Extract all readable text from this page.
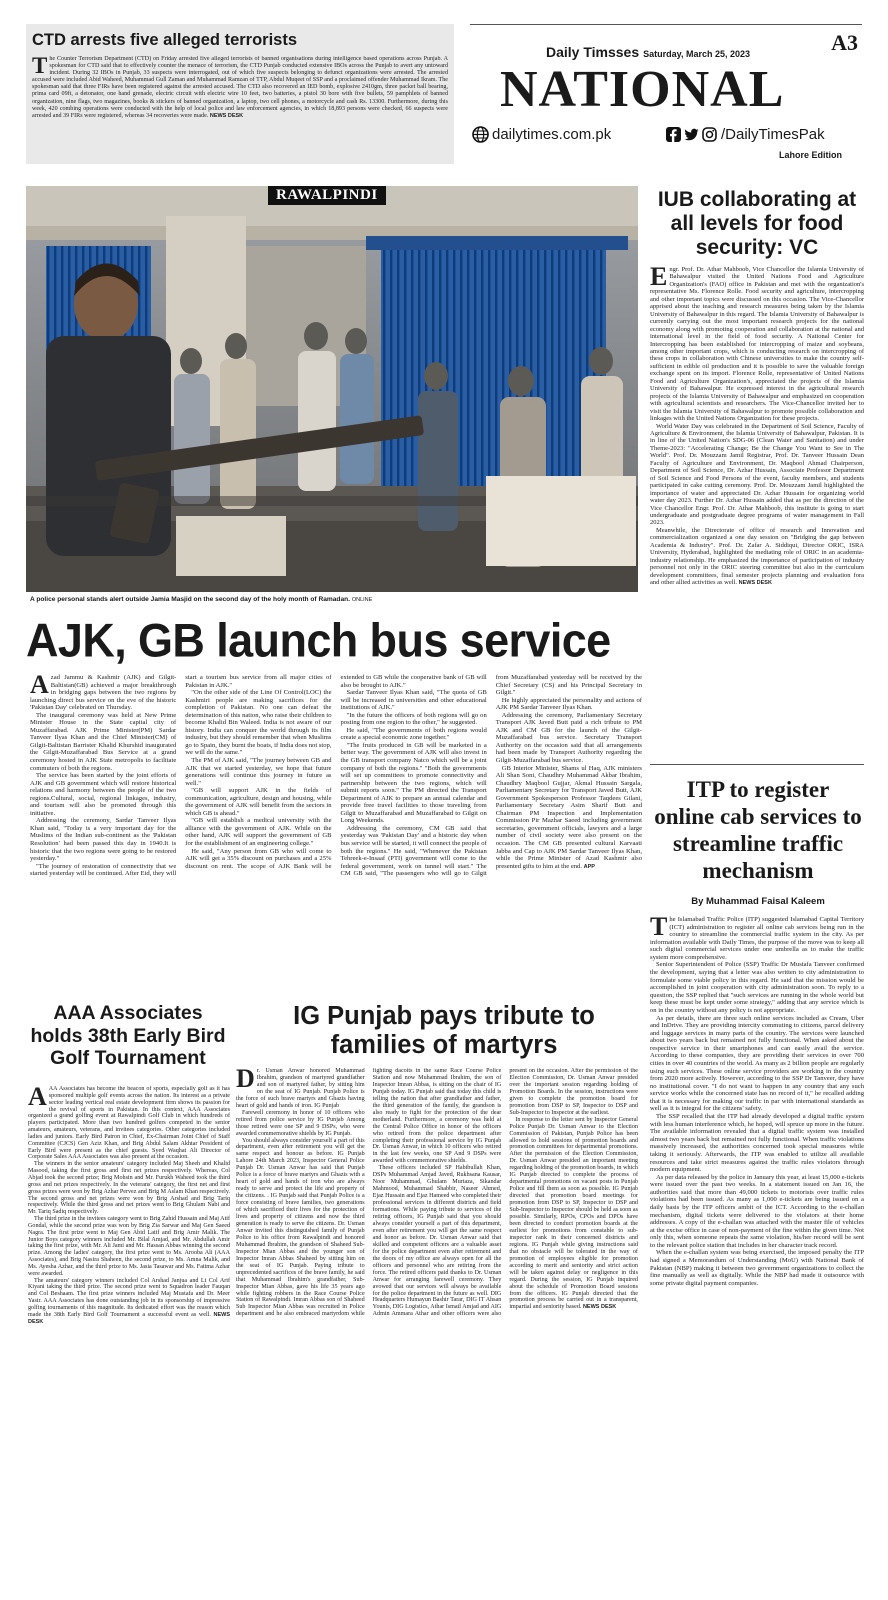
CTD arrests five alleged terrorists
The Counter Terrorism Department (CTD) on Friday arrested five alleged terrorists of banned organisations during intelligence based operations across Punjab. A spokesman for CTD said that to effectively counter the menace of terrorism, the CTD Punjab conducted extensive IBOs across the Punjab to avert any untoward incident. During 32 IBOs in Punjab, 33 suspects were interrogated, out of which five suspects belonging to defunct organizations were arrested. The arrested accused were included Abid Waheed, Muhammad Gull Zaman and Muhammad Ramzan of TTP, Abdul Muqeet of SSP and a proclaimed offender Muhammad Ikram. The spokesman said that three FIRs have been registered against the arrested accused. The CTD also recovered an IED bomb, explosive 2410gm, three packet ball bearing, prima card 09ft, a detonator, one hand grenade, electric circuit with electric wire 10 feet, two batteries, a pistol 30 bore with five bullets, 59 pamphlets of banned organization, nine flags, two magazines, books & stickers of banned organization, a laptop, two cell phones, a motorcycle and cash Rs. 13300. Furthermore, during this week, 420 combing operations were conducted with the help of local police and law enforcement agencies, in which 18,893 persons were checked, 66 suspects were arrested and 39 FIRs were registered, whereas 34 recoveries were made. NEWS DESK
Daily Timsses Saturday, March 25, 2023	A3
NATIONAL
dailytimes.com.pk	/DailyTimesPak
Lahore Edition
RAWALPINDI
A police personal stands alert outside Jamia Masjid on the second day of the holy month of Ramadan. ONLINE
AJK, GB launch bus service

Azad Jammu & Kashmir (AJK) and Gilgit-Baltistan(GB) achieved a major breakthrough in bridging gaps between the two regions by launching direct bus service on the eve of the historic 'Pakistan Day' celebrated on Thursday.

The inaugural ceremony was held at New Prime Minister House in the State capital city of Muzaffarabad. AJK Prime Minister(PM) Sardar Tanveer Ilyas Khan and the Chief Minister(CM) of Gilgit-Baltistan Barrister Khalid Khurshid inaugurated the Gilgit-Muzaffarabad Bus Service at a grand ceremony hosted in AJK State metropolis to facilitate commuters of both the regions.

The service has been started by the joint efforts of AJK and GB government which will restore historical relations and harmony between the people of the two regions.Cultural, social, regional linkages, industry, and tourism will also be promoted through this initiative.

Addressing the ceremony, Sardar Tanveer Ilyas Khan said, "Today is a very important day for the Muslims of the Indian sub-continent as the 'Pakistan Resolution' had been passed this day in 1940.It is historic that the two regions were going to be restored yesterday."

"The journey of restoration of connectivity that we started yesterday will be continued. After Eid, they will start a tourism bus service from all major cities of Pakistan in AJK."

"On the other side of the Line Of Control(LOC) the Kashmiri people are making sacrifices for the completion of Pakistan. No one can defeat the determination of this nation, who raise their children to become Khalid Bin Waleed. India is not aware of our history. India can conquer the world through its film industry, but they should remember that when Muslims go to Spain, they burnt the boats, if India does not stop, we will do the same."

The PM of AJK said, "The journey between GB and AJK that we started yesterday, we hope that future generations will continue this journey in future as well."

"GB will support AJK in the fields of communication, agriculture, design and housing, while the government of AJK will benefit from the sectors in which GB is ahead."

"GB will establish a medical university with the alliance with the government of AJK. While on the other hand, AJK will support the government of GB for the establishment of an engineering college."

He said, "Any person from GB who will come to AJK will get a 35% discount on purchases and a 25% discount on rent. The scope of AJK Bank will be extended to GB while the cooperative bank of GB will also be brought to AJK."

Sardar Tanveer Ilyas Khan said, "The quota of GB will be increased in universities and other educational institutions of AJK."

"In the future the officers of both regions will go on posting from one region to the other," he suggested.

He said, "The governments of both regions would create a special economic zone together."

"The fruits produced in GB will be marketed in a better way. The government of AJK will also invest in the GB transport company Natco which will be a joint company of both the regions." "Both the governments will set up committees to promote connectivity and partnership between the two regions, which will submit reports soon." The PM directed the Transport Department of AJK to prepare an annual calendar and provide free travel facilities to those traveling from Gilgit to Muzaffarabad and Muzaffarabad to Gilgit on Long Weekends.

Addressing the ceremony, CM GB said that yesterday was 'Pakistan Day' and a historic day when bus service will be started, it will connect the people of both the regions." He said, "Whenever the Pakistan Tehreek-e-Insaaf (PTI) government will come to the federal government, work on tunnel will start." The CM GB said, "The passengers who will go to Gilgit from Muzaffarabad yesterday will be received by the Chief Secretary (CS) and his Principal Secretary in Gilgit."

He highly appreciated the personality and actions of AJK PM Sardar Tanveer Ilyas Khan.

Addressing the ceremony, Parliamentary Secretary Transport AJK Javed Butt paid a rich tribute to PM AJK and CM GB for the launch of the Gilgit-Muzaffarabad bus service. Secretary Transport Authority on the occasion said that all arrangements had been made by Transport Authority regarding the Gilgit-Muzaffarabad bus service.

GB Interior Minister, Shams ul Haq, AJK ministers Ali Shan Soni, Chaudhry Muhammad Akbar Ibrahim, Chaudhry Maqbool Gujjar, Akmal Hussain Sargala, Parliamentary Secretary for Transport Javed Butt, AJK Government Spokesperson Professor Taqdees Gilani, Parliamentary Secretary Asim Sharif Butt and Chairman PM Inspection and Implementation Commission Pir Mazhar Saeed including government secretaries, government officials, lawyers and a large number of civil society were also present on the occasion. The CM GB presented cultural Karvaati Jabba and Cap to AJK PM Sardar Tanveer Ilyas Khan, while the Prime Minister of Azad Kashmir also presented gifts to him at the end. APP

IUB collaborating at all levels for food security: VC

Engr. Prof. Dr. Athar Mahboob, Vice Chancellor the Islamia University of Bahawalpur visited the United Nations Food and Agriculture Organization's (FAO) office in Pakistan and met with the organization's representative Ms. Florence Rolle. Food security and agriculture, intercropping and other important topics were discussed on this occasion. The Vice-Chancellor apprised about the teaching and research measures being taken by the Islamia University of Bahawalpur in this regard. The Islamia University of Bahawalpur is currently carrying out the most important research projects for the national economy along with promoting cooperation and collaboration at the national and international level in the field of food security. A National Center for Intercropping has been established for intercropping of maize and soybeans, among other important crops, which is conducting research on intercropping of these crops in collaboration with Chinese universities to make the country self-sufficient in edible oil production and it is possible to save the valuable foreign exchange spent on its import. Florence Rolle, representative of United Nations Food and Agriculture Organization's, appreciated the projects of the Islamia University of Bahawalpur. He expressed interest in the agricultural research projects of the Islamia University of Bahawalpur and emphasized on cooperation with agricultural scientists and researchers. The Vice-Chancellor invited her to visit the Islamia University of Bahawalpur to promote possible collaboration and linkages with the United Nations Organization for these projects.

World Water Day was celebrated in the Department of Soil Science, Faculty of Agriculture & Environment, the Islamia University of Bahawalpur, Pakistan. It is in line of the United Nation's SDG-06 (Clean Water and Sanitation) and under Theme-2023: "Accelerating Change; Be the Change You Want to See in The World". Prof. Dr. Mouzzam Jamil Registrar, Prof. Dr. Tanveer Hussain Dean Faculty of Agriculture and Environment, Dr. Maqbool Ahmad Chairperson, Department of Soil Science, Dr. Azhar Hussain, Associate Professor Department of Soil Science and Food Persons of the event, faculty members, and students participated in cake cutting ceremony. Prof. Dr. Mouzzam Jamil highlighted the importance of water and appreciated Dr. Azhar Hussain for organizing world water day 2023. Further Dr. Azhar Hussain added that as per the direction of the Vice Chancellor Engr. Prof. Dr. Athar Mahboob, this institute is going to start undergraduate and postgraduate degree programs of water management in Fall 2023.

Meanwhile, the Directorate of office of research and Innovation and commercialization organized a one day session on "Bridging the gap between Academia & Industry". Prof. Dr. Zafar A. Siddiqui, Director ORIC, ISRA University, Hyderabad, highlighted the mediating role of ORIC in an academia-industry relationship. He emphasized the importance of participation of industry personnel not only in the ORIC steering committee but also in the curriculum development committees, final semester projects planning and evaluation fora and other allied activities as well. NEWS DESK

ITP to register online cab services to streamline traffic mechanism
By Muhammad Faisal Kaleem

The Islamabad Traffic Police (ITP) suggested Islamabad Capital Territory (ICT) administration to register all online cab services being run in the country to streamline the commercial traffic system in the city. As per information available with Daily Times, the purpose of the move was to keep all such digital commercial services under one umbrella as to make the traffic system more comprehensive.

Senior Superintendent of Police (SSP) Traffic Dr Mustafa Tanveer confirmed the development, saying that a letter was also written to city administration to formulate some viable policy in this regard. He said that the mission would be accomplished in joint cooperation with city administration soon. To reply to a question, the SSP replied that "such services are running in the whole world but keep these must be kept under some strategy," adding that any service which is on in the country without any policy is not appropriate.

As per details, there are three such online services included as Cream, Uber and InDrive. They are providing intercity commuting to citizens, parcel delivery and luggage services in many parts of the country. The services were launched about two years back but remained not fully functional. When asked about the respective service in their smartphones and can easily avail the service. According to these companies, they are providing their services in over 700 cities in over 40 countries of the world. As many as 2 billion people are regularly using such services. These online service providers are working in the country from 2020 more actively. However, according to the SSP Dr Tanveer, they have no institutional cover. "I do not want to happen in any country that any such service works while the concerned state has no record of it," he recalled adding that it is necessary for making our traffic in par with international standards as well as it is integral for the citizens' safety.

The SSP recalled that the ITP had already developed a digital traffic system with less human interference which, he hoped, will spruce up more in the future. The available information revealed that a digital traffic system was installed almost two years back but remained not fully functional. When traffic violations massively increased, the authorities concerned took special measures while taking it seriously. Afterwards, the ITP was enabled to utilize all available resources and take strict measures against the traffic rules violators through modern equipment.

As per data released by the police in January this year, at least 15,000 e-tickets were issued over the past two weeks. In a statement issued on Jan 16, the authorities said that more than 49,000 tickets to motorists over traffic rules violations had been issued. As many as 1,000 e-tickets are being issued on a daily basis by the ITP officers ambit of the ICT. According to the e-challan mechanism, digital tickets were delivered to the violators at their home addresses. A copy of the e-challan was attached with the master file of vehicles at the excise office in case of non-payment of the fine within the given time. Not only this, when someone repeats the same violation, his/her record will be sent to the relevant police station that includes in her character track record.

When the e-challan system was being exercised, the imposed penalty the ITP had signed a Memorandum of Understanding (MoU) with National Bank of Pakistan (NBP) making it between two government organizations to collect the fine manually as well as digitally. While the NBP had made it outsource with some private digital payment companies.

AAA Associates holds 38th Early Bird Golf Tournament

AAA Associates has become the beacon of sports, especially golf as it has sponsored multiple golf events across the nation. Its interest as a private sector leading vertical real estate development firm shows its passion for the revival of sports in Pakistan. In this context, AAA Associates organized a grand golfing event at Rawalpindi Golf Club in which hundreds of players participated. More than two hundred golfers competed in the senior amateurs, amateurs, veterans, and invitees categories. Other categories included ladies and juniors. Early Bird Patron in Chief, Ex-Chairman Joint Chief of Staff Committee (CJCS) Gen Aziz Khan, and Brig Abdul Salam Akhtar President of Early Bird were present as the chief guests. Syed Waqhat Ali Director of Corporate Sales AAA Associates was also present at the occasion.

The winners in the senior amateurs' category included Maj Sheeh and Khalid Masood, taking the first gross and first net prizes respectively. Whereas, Col Abjad took the second prize; Brig Mohsin and Mr. Furukh Waheed took the third gross and net prizes respectively. In the veterans' category, the first net and first gross prizes were won by Brig Azhar Pervez and Brig M Aslam Khan respectively. The second gross and net prizes were won by Brig Arshad and Brig Tariq respectively. While the third gross and net prizes went to Brig Ghulam Nabi and Mr. Tariq Sadiq respectively.

The third prize in the invitees category went to Brig Zahid Hussain and Maj Atif Gondal, while the second prize was won by Brig Zia Sarwar and Maj Gen Saeed Nagra. The first prize went to Maj Gen Abid Latif and Brig Amir Malik. The Junior Boys category winners included Mr. Bilal Amjad, and Mr. Abdullah Amir taking the first prize, with Mr. Ali Jami and Mr. Hassan Abbas winning the second prize. Among the ladies' category, the first prize went to Ms. Arooba Ali (AAA Associates), and Brig Nasira Shaheen, the second prize, to Ms. Amna Malik, and Ms. Ayesha Azhar, and the third prize to Ms. Jasia Tasawar and Ms. Fatima Azhar were awarded.

The amateurs' category winners included Col Arshad Janjua and Lt Col Arif Kiyani taking the third prize. The second prize went to Squadron leader Fauqan and Col Beshaam. The first prize winners included Maj Mustafa and Dr. Meer Yasir. AAA Associates has done outstanding job in its sponsorship of impressive golfing tournaments of this magnitude. Its dedicated effort was the reason which made the 38th Early Bird Golf Tournament a successful event as well. NEWS DESK

IG Punjab pays tribute to families of martyrs

Dr. Usman Anwar honored Muhammad Ibrahim, grandson of martyred grandfather and son of martyred father, by sitting him on the seat of IG Punjab. Punjab Police is the force of such brave martyrs and Ghazis having heart of gold and hands of iron. IG Punjab

Farewell ceremony in honor of 10 officers who retired from police service by IG Punjab Among those retired were one SP and 9 DSPs, who were awarded commemorative shields by IG Punjab.

You should always consider yourself a part of this department, even after retirement you will get the same respect and honour as before. IG Punjab Lahore 24th March 2023, Inspector General Police Punjab Dr. Usman Anwar has said that Punjab Police is a force of brave martyrs and Ghazis with a heart of gold and hands of iron who are always ready to serve and protect the life and property of the citizens. . IG Punjab said that Punjab Police is a force consisting of brave families, two generations of which sacrificed their lives for the protection of lives and property of citizens and now the third generation is ready to serve the citizens. Dr. Usman Anwar invited this distinguished family of Punjab Police to his office from Rawalpindi and honored Muhammad Ibrahim, the grandson of Shaheed Sub-Inspector Mian Abbas and the younger son of Inspector Imran Abbas Shaheed by sitting him on the seat of IG Punjab. Paying tribute to unprecedented sacrifices of the brave family, he said that Muhammad Ibrahim's grandfather, Sub-Inspector Mian Abbas, gave his life 35 years ago while fighting robbers in the Race Course Police Station of Rawalpindi. Imran Abbas son of Shaheed Sub Inspector Mian Abbas was recruited in Police department and he also embraced martyrdom while fighting dacoits in the same Race Course Police Station and now Muhammad Ibrahim, the son of Inspector Imran Abbas, is sitting on the chair of IG Punjab today. IG Punjab said that today this child is telling the nation that after grandfather and father, the third generation of the family, the grandson is also ready to fight for the protection of the dear motherland. Furthermore, a ceremony was held at the Central Police Office in honor of the officers who retired from the police department after completing their professional service by IG Punjab Dr. Usman Anwar, in which 10 officers who retired in the last few weeks, one SP And 9 DSPs were awarded with commemorative shields.

These officers included SP Habibullah Khan, DSPs Muhammad Amjad Javed, Rukhsana Kausar, Noor Muhammad, Ghulam Murtaza, Sikandar Mahmood, Muhammad Shabbir, Naseer Ahmed, Ejaz Hussain and Ejaz Hameed who completed their professional services in different districts and field formations. While paying tribute to services of the retiring officers, IG Punjab said that you should always consider yourself a part of this department, even after retirement you will get the same respect and honor as before. Dr. Usman Anwar said that skilled and competent officers are a valuable asset for the police department even after retirement and the doors of my office are always open for all the officers and personnel who are retiring from the force. The retired officers paid thanks to Dr. Usman Anwar for arranging farewell ceremony. They avowed that our services will always be available for the police department in the future as well. DIG Headquarters Humayun Bashir Tarar, DIG IT Ahsan Younis, DIG Logistics, Athar Ismail Amjad and AIG Admin Ammara Athar and other officers were also present on the occasion. After the permission of the Election Commission, Dr. Usman Anwar presided over the important session regarding holding of Promotion Boards. In the session, instructions were given to complete the promotion board for promotion from DSP to SP, Inspector to DSP and Sub-Inspector to Inspector at the earliest.

In response to the letter sent by Inspector General Police Punjab Dr. Usman Anwar to the Election Commission of Pakistan, Punjab Police has been allowed to hold sessions of promotion boards and promotion committees for departmental promotions. After the permission of the Election Commission, Dr. Usman Anwar presided an important meeting regarding holding of the promotion boards, in which IG Punjab directed to complete the process of departmental promotions on vacant posts in Punjab Police and fill them as soon as possible. IG Punjab directed that promotion board meetings for promotion from DSP to SP, Inspector to DSP and Sub-Inspector to Inspector should be held as soon as possible. Similarly, RPOs, CPOs and DPOs have been directed to conduct promotion boards at the earliest for promotions from constable to sub-inspector rank in their concerned districts and regions. IG Punjab while giving instructions said that no obstacle will be tolerated in the way of promotion of employees eligible for promotion according to merit and seniority and strict action will be taken against delay or negligence in this regard. During the session, IG Punjab inquired about the schedule of Promotion Board sessions from the officers. IG Punjab directed that the promotion process be carried out in a transparent, impartial and seniority based. NEWS DESK
